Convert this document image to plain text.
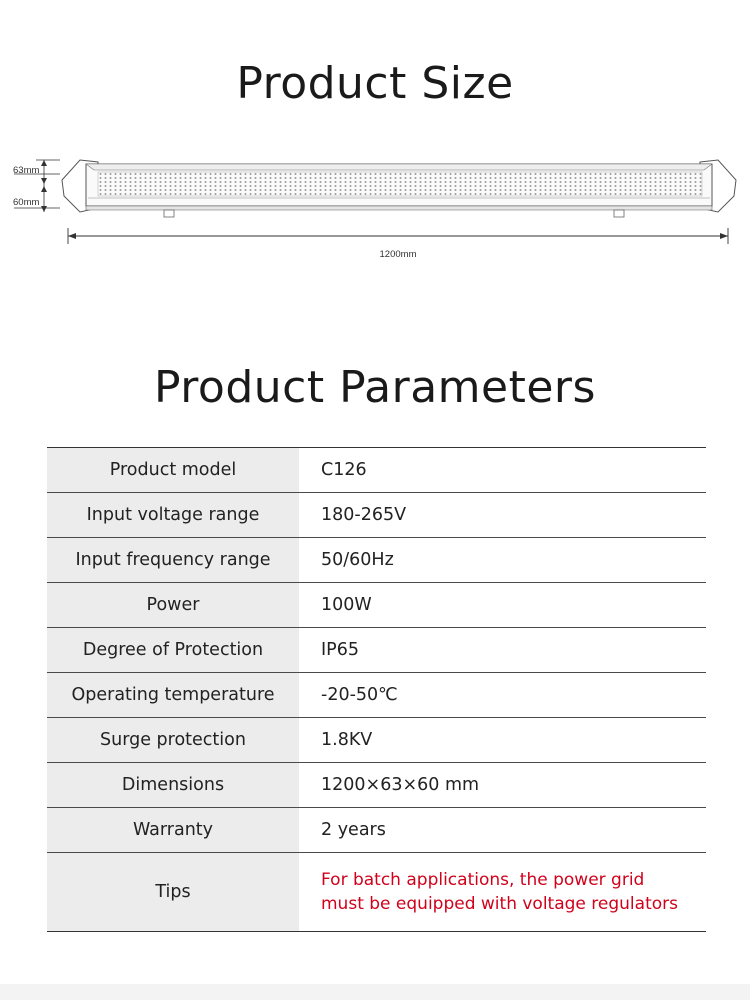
Product Size
63mm
60mm
1200mm
Product Parameters
Product model	C126
Input voltage range	180-265V
Input frequency range	50/60Hz
Power	100W
Degree of Protection	IP65
Operating temperature	-20-50℃
Surge protection	1.8KV
Dimensions	1200×63×60 mm
Warranty	2 years
Tips	For batch applications, the power grid
must be equipped with voltage regulators
